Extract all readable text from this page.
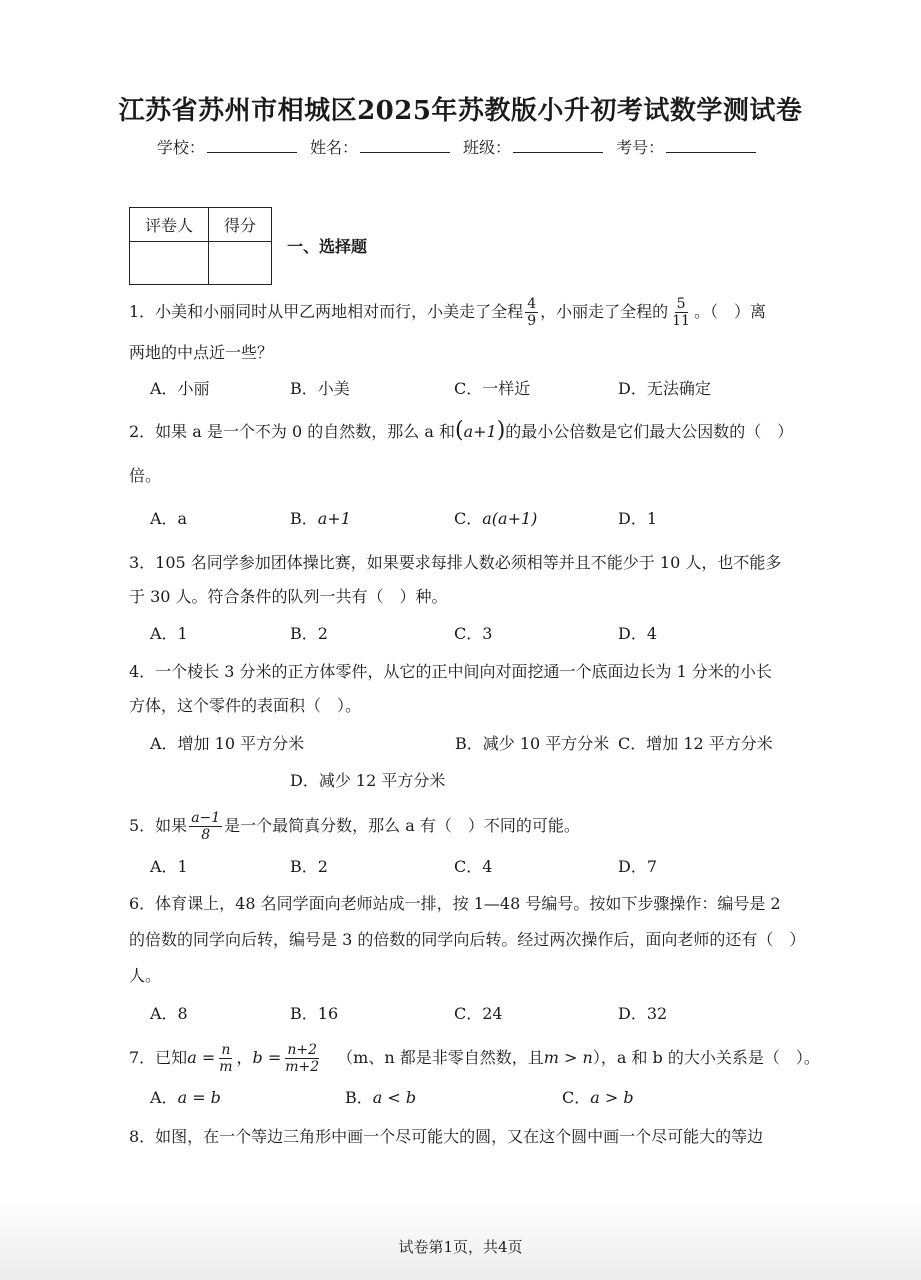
江苏省苏州市相城区2025年苏教版小升初考试数学测试卷
学校：	姓名：	班级：	考号：
评卷人	得分

一、选择题
1．小美和小丽同时从甲乙两地相对而行，小美走了全程 $\frac{4}{9}$ ，小丽走了全程的 $\frac{5}{11}$ 。（　）离
两地的中点近一些？
A．小丽	B．小美	C．一样近	D．无法确定
2．如果 a 是一个不为 0 的自然数，那么 a 和(a+1)的最小公倍数是它们最大公因数的（　）
倍。
A．a	B．a+1	C．a(a+1)	D．1
3．105 名同学参加团体操比赛，如果要求每排人数必须相等并且不能少于 10 人，也不能多
于 30 人。符合条件的队列一共有（　）种。
A．1	B．2	C．3	D．4
4．一个棱长 3 分米的正方体零件，从它的正中间向对面挖通一个底面边长为 1 分米的小长
方体，这个零件的表面积（　）。
A．增加 10 平方分米	B．减少 10 平方分米 C．增加 12 平方分米
D．减少 12 平方分米
5．如果 $\frac{a-1}{8}$ 是一个最简真分数，那么 a 有（　）不同的可能。
A．1	B．2	C．4	D．7
6．体育课上，48 名同学面向老师站成一排，按 1—48 号编号。按如下步骤操作：编号是 2
的倍数的同学向后转，编号是 3 的倍数的同学向后转。经过两次操作后，面向老师的还有（　）
人。
A．8	B．16	C．24	D．32
7．已知$a = \frac{n}{m}$ ，$b = \frac{n+2}{m+2} (m$、n 都是非零自然数，且m > n），a 和 b 的大小关系是（　）。
A．a = b	B．a < b	C．a > b
8．如图，在一个等边三角形中画一个尽可能大的圆，又在这个圆中画一个尽可能大的等边
试卷第1页，共4页
